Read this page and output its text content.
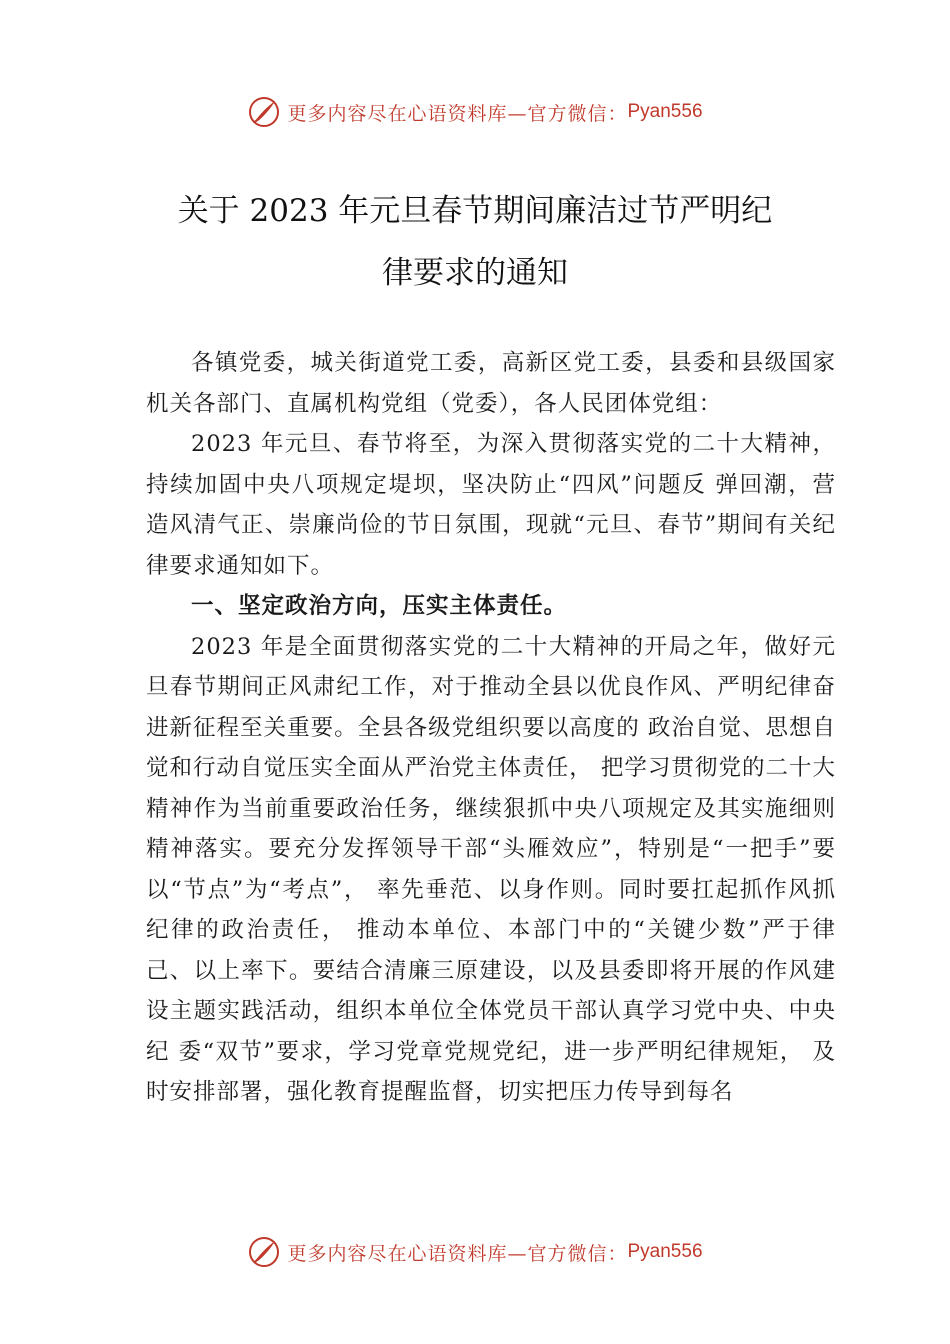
更多内容尽在心语资料库—官方微信： Pyan556
关于 2023 年元旦春节期间廉洁过节严明纪
律要求的通知

各镇党委，城关街道党工委，高新区党工委，县委和县级国家机关各部门、直属机构党组（党委），各人民团体党组：

2023 年元旦、春节将至，为深入贯彻落实党的二十大精神，持续加固中央八项规定堤坝，坚决防止“四风”问题反 弹回潮，营造风清气正、崇廉尚俭的节日氛围，现就“元旦、春节”期间有关纪律要求通知如下。

一、坚定政治方向，压实主体责任。

2023 年是全面贯彻落实党的二十大精神的开局之年，做好元旦春节期间正风肃纪工作，对于推动全县以优良作风、严明纪律奋进新征程至关重要。全县各级党组织要以高度的 政治自觉、思想自觉和行动自觉压实全面从严治党主体责任， 把学习贯彻党的二十大精神作为当前重要政治任务，继续狠抓中央八项规定及其实施细则精神落实。要充分发挥领导干部“头雁效应”，特别是“一把手”要以“节点”为“考点”， 率先垂范、以身作则。同时要扛起抓作风抓纪律的政治责任， 推动本单位、本部门中的“关键少数”严于律己、以上率下。要结合清廉三原建设，以及县委即将开展的作风建设主题实践活动，组织本单位全体党员干部认真学习党中央、中央纪 委“双节”要求，学习党章党规党纪，进一步严明纪律规矩， 及时安排部署，强化教育提醒监督，切实把压力传导到每名

更多内容尽在心语资料库—官方微信： Pyan556
